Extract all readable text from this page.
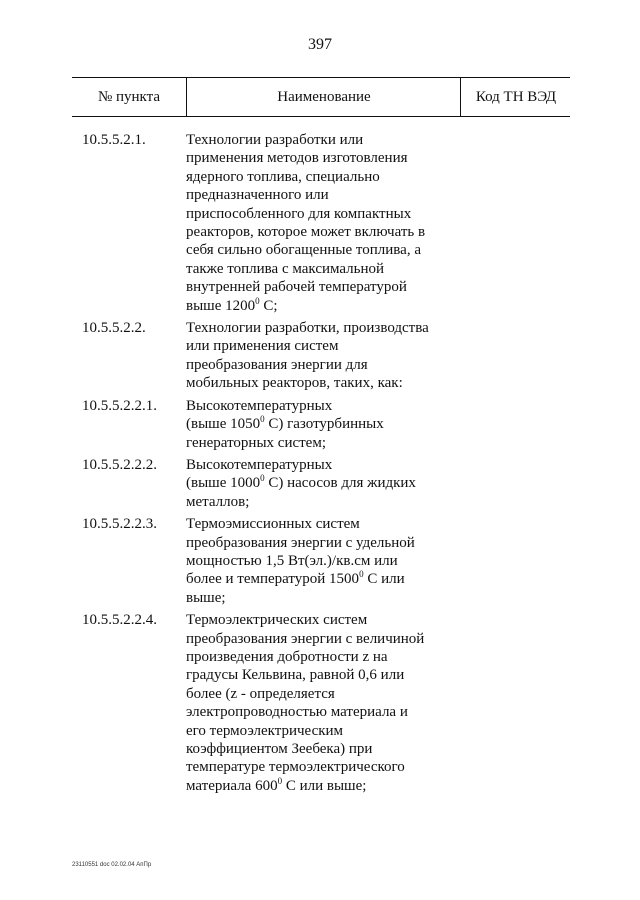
397
№ пункта	Наименование	Код ТН ВЭД
10.5.5.2.1.	Технологии разработки или
применения методов изготовления
ядерного топлива, специально
предназначенного или
приспособленного для компактных
реакторов, которое может включать в
себя сильно обогащенные топлива, а
также топлива с максимальной
внутренней рабочей температурой
выше 1200$^0$ С;
10.5.5.2.2.	Технологии разработки, производства
или применения систем
преобразования энергии для
мобильных реакторов, таких, как:
10.5.5.2.2.1.	Высокотемпературных
(выше 1050$^0$ С) газотурбинных
генераторных систем;
10.5.5.2.2.2.	Высокотемпературных
(выше 1000$^0$ С) насосов для жидких
металлов;
10.5.5.2.2.3.	Термоэмиссионных систем
преобразования энергии с удельной
мощностью 1,5 Вт(эл.)/кв.см или
более и температурой 1500$^0$ С или
выше;
10.5.5.2.2.4.	Термоэлектрических систем
преобразования энергии с величиной
произведения добротности z на
градусы Кельвина, равной 0,6 или
более (z - определяется
электропроводностью материала и
его термоэлектрическим
коэффициентом Зеебека) при
температуре термоэлектрического
материала $600^0$ С или выше;
23110551 doc 02.02.04 АпПр
